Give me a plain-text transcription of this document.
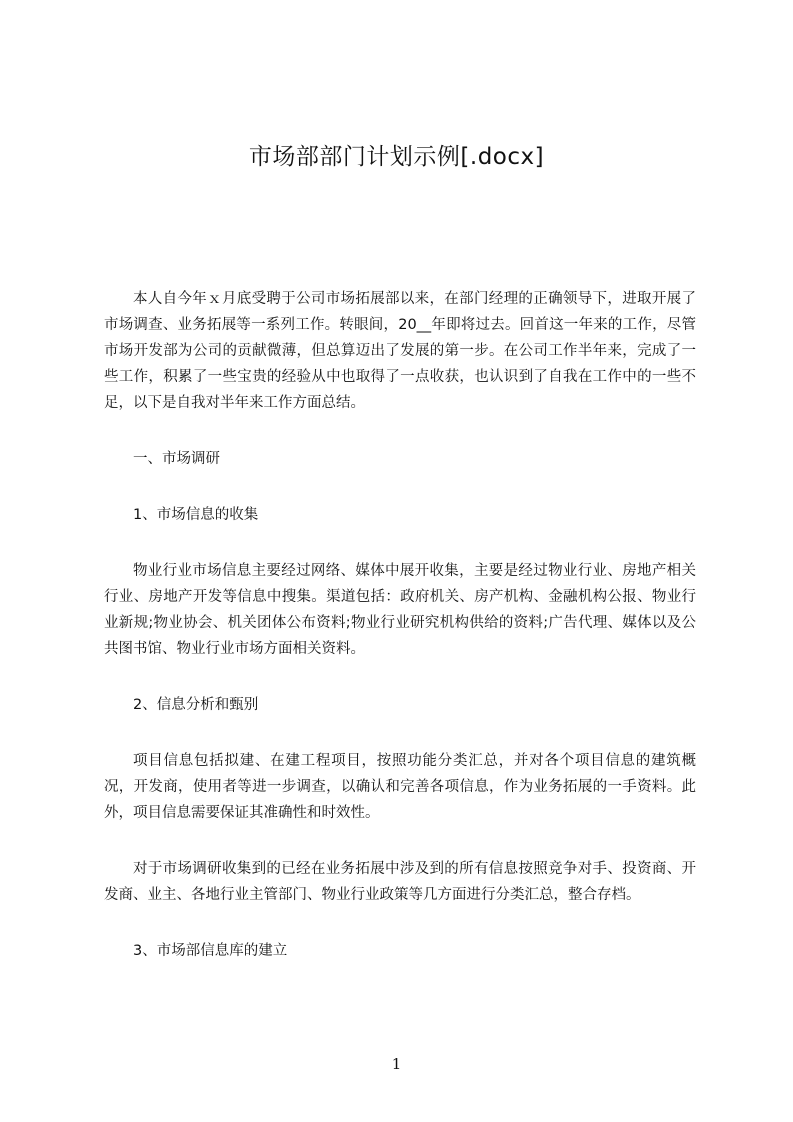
市场部部门计划示例[.docx]

本人自今年ｘ月底受聘于公司市场拓展部以来，在部门经理的正确领导下，进取开展了市场调查、业务拓展等一系列工作。转眼间，20__年即将过去。回首这一年来的工作，尽管市场开发部为公司的贡献微薄，但总算迈出了发展的第一步。在公司工作半年来，完成了一些工作，积累了一些宝贵的经验从中也取得了一点收获，也认识到了自我在工作中的一些不足，以下是自我对半年来工作方面总结。

一、市场调研

1、市场信息的收集

物业行业市场信息主要经过网络、媒体中展开收集，主要是经过物业行业、房地产相关行业、房地产开发等信息中搜集。渠道包括：政府机关、房产机构、金融机构公报、物业行业新规;物业协会、机关团体公布资料;物业行业研究机构供给的资料;广告代理、媒体以及公共图书馆、物业行业市场方面相关资料。

2、信息分析和甄别

项目信息包括拟建、在建工程项目，按照功能分类汇总，并对各个项目信息的建筑概况，开发商，使用者等进一步调查，以确认和完善各项信息，作为业务拓展的一手资料。此外，项目信息需要保证其准确性和时效性。

对于市场调研收集到的已经在业务拓展中涉及到的所有信息按照竞争对手、投资商、开发商、业主、各地行业主管部门、物业行业政策等几方面进行分类汇总，整合存档。

3、市场部信息库的建立

1
